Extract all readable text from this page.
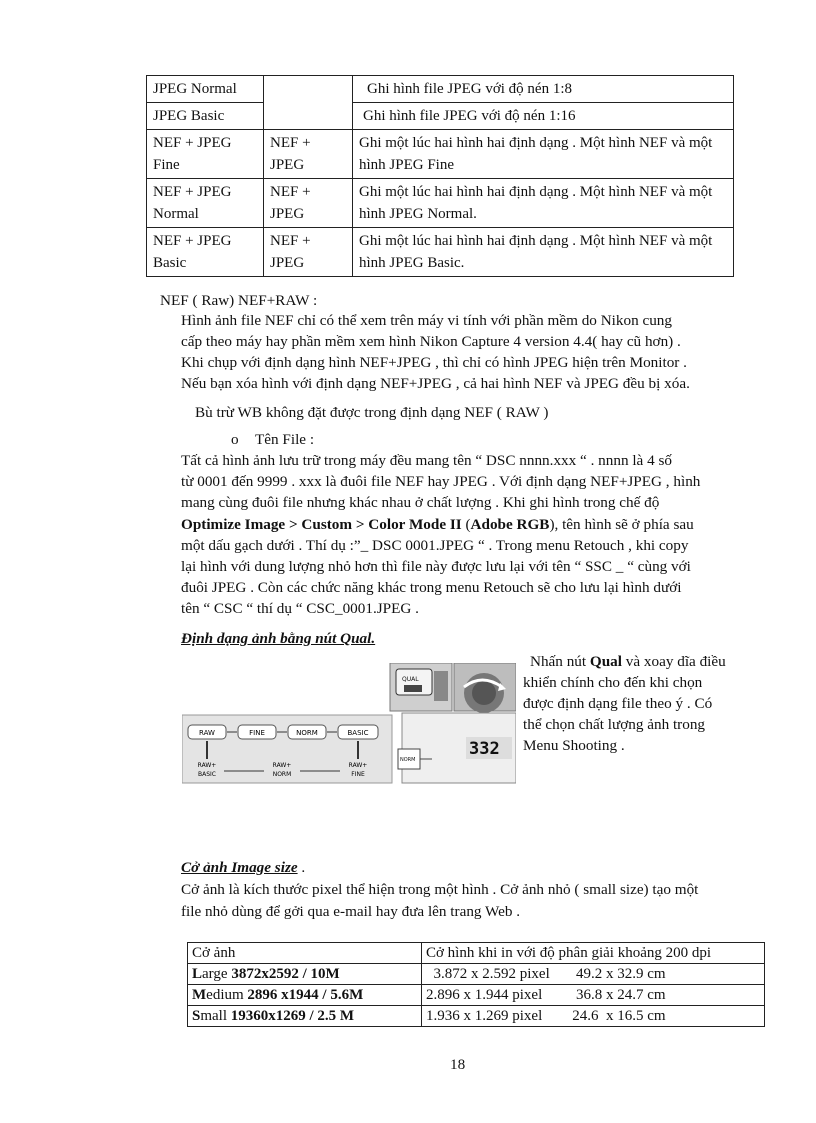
JPEG Normal		Ghi hình file JPEG với độ nén 1:8
JPEG Basic		Ghi hình file JPEG với độ nén 1:16
NEF + JPEG Fine	NEF + JPEG	Ghi một lúc hai hình hai định dạng . Một hình NEF và một hình JPEG Fine
NEF + JPEG Normal	NEF + JPEG	Ghi một lúc hai hình hai định dạng . Một hình NEF và một hình JPEG Normal.
NEF + JPEG Basic	NEF + JPEG	Ghi một lúc hai hình hai định dạng . Một hình NEF và một hình JPEG Basic.
NEF ( Raw) NEF+RAW :
Hình ảnh file NEF chỉ có thể xem trên máy vi tính với phần mềm do Nikon cung
cấp theo máy hay phần mềm xem hình Nikon Capture 4 version 4.4( hay cũ hơn) .
Khi chụp với định dạng hình NEF+JPEG , thì chỉ có hình JPEG hiện trên Monitor .
Nếu bạn xóa hình với định dạng NEF+JPEG , cả hai hình NEF và JPEG đều bị xóa.
Bù trừ WB không đặt được trong định dạng NEF ( RAW )
o Tên File :
Tất cả hình ảnh lưu trữ trong máy đều mang tên “ DSC nnnn.xxx “ . nnnn là 4 số
từ 0001 đến 9999 . xxx là đuôi file NEF hay JPEG . Với định dạng NEF+JPEG , hình
mang cùng đuôi file nhưng khác nhau ở chất lượng . Khi ghi hình trong chế độ
Optimize Image > Custom > Color Mode II (Adobe RGB), tên hình sẽ ở phía sau
một dấu gạch dưới . Thí dụ :”_ DSC 0001.JPEG “ . Trong menu Retouch , khi copy
lại hình với dung lượng nhỏ hơn thì file này được lưu lại với tên “ SSC _ “ cùng với
đuôi JPEG . Còn các chức năng khác trong menu Retouch sẽ cho lưu lại hình dưới
tên “ CSC “ thí dụ “ CSC_0001.JPEG .
Định dạng ảnh bằng nút Qual.
Nhấn nút Qual và xoay dĩa điều
khiển chính cho đến khi chọn
được định dạng file theo ý . Có
thể chọn chất lượng ảnh trong
Menu Shooting .
QUAL
NORM
332
RAW	FINE	NORM	BASIC
RAW+
BASIC
RAW+
NORM
RAW+
FINE
Cở ảnh Image size .
Cở ảnh là kích thước pixel thể hiện trong một hình . Cở ảnh nhỏ ( small size) tạo một
file nhỏ dùng để gởi qua e-mail hay đưa lên trang Web .
Cở ảnh	Cở hình khi in với độ phân giải khoảng 200 dpi
Large 3872x2592 / 10M	3.872 x 2.592 pixel       49.2 x 32.9 cm
Medium 2896 x1944 / 5.6M	2.896 x 1.944 pixel         36.8 x 24.7 cm
Small 19360x1269 / 2.5 M	1.936 x 1.269 pixel        24.6  x 16.5 cm
18
